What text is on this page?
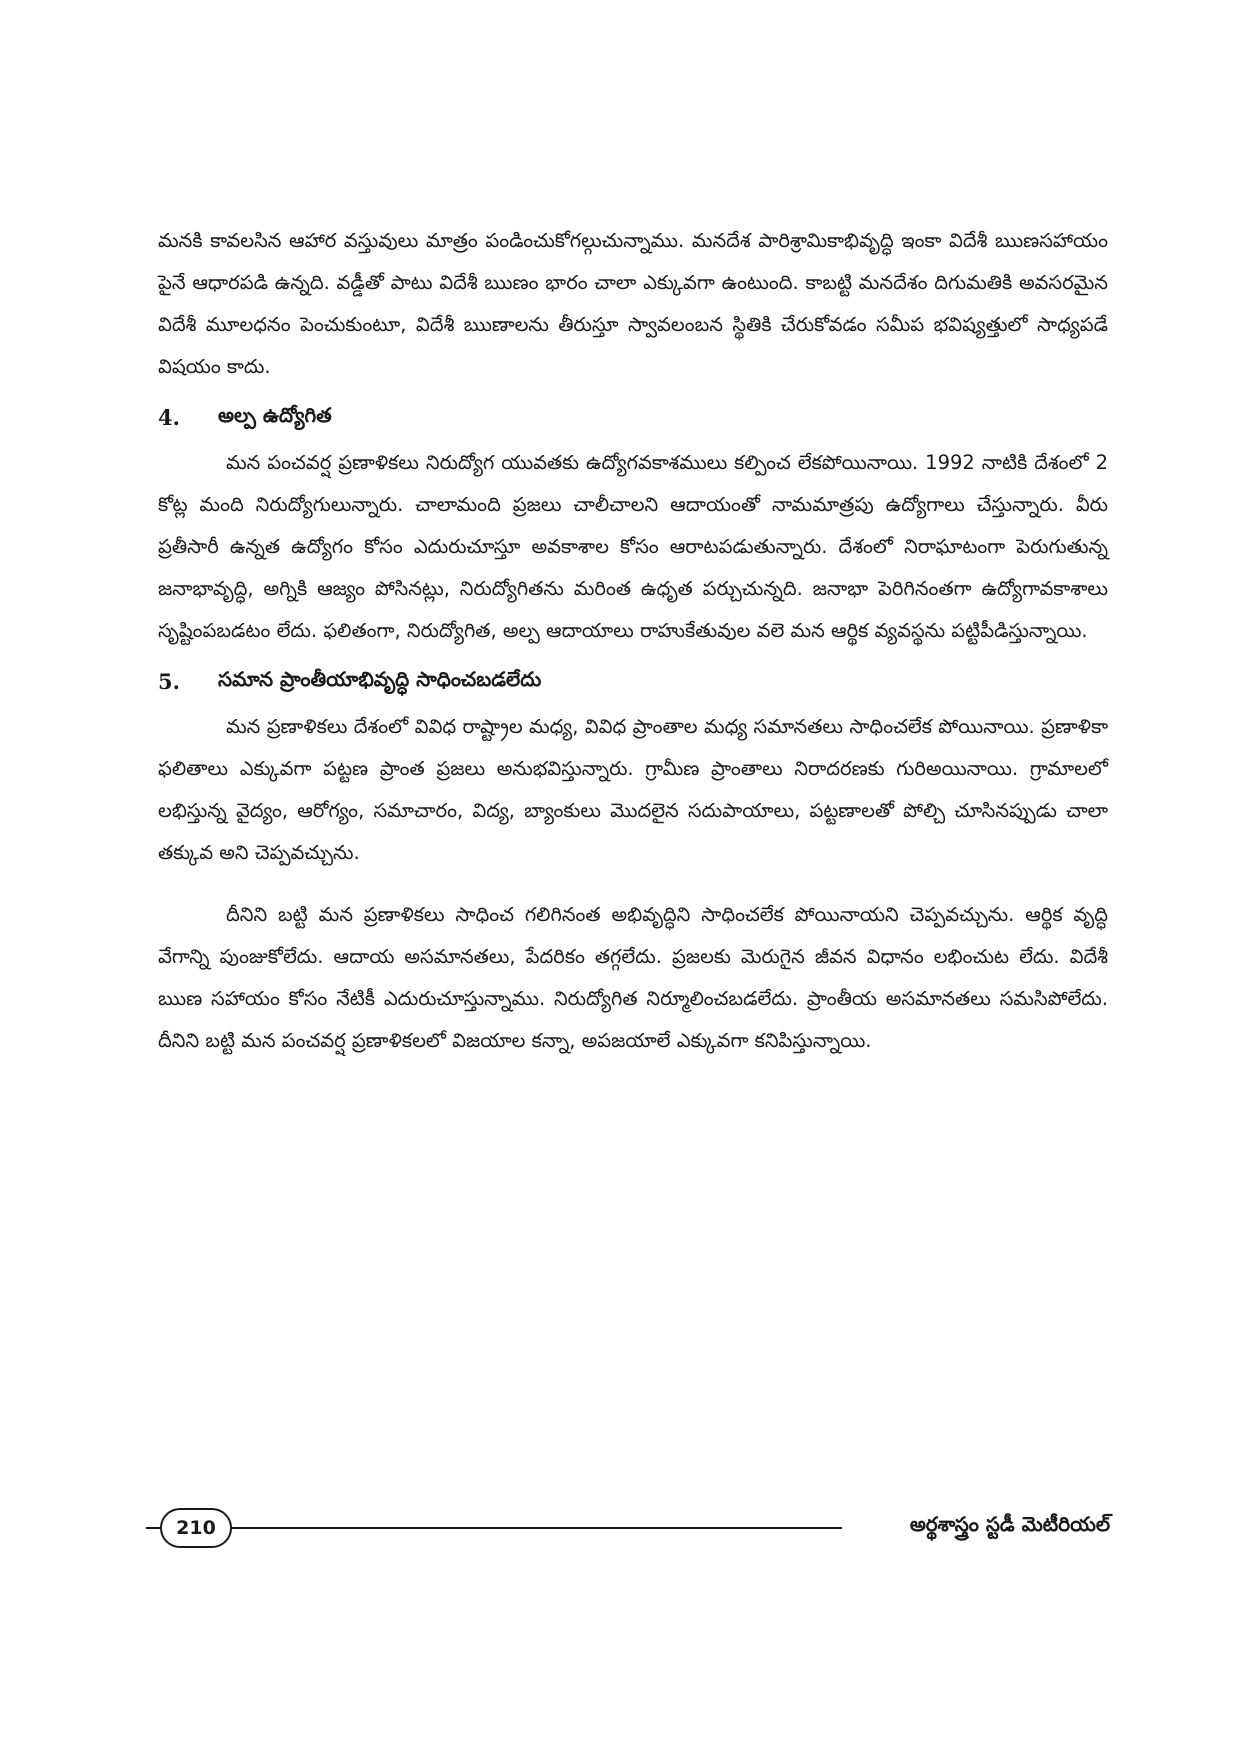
మనకి కావలసిన ఆహార వస్తువులు మాత్రం పండించుకోగల్గుచున్నాము. మనదేశ పారిశ్రామికాభివృద్ధి ఇంకా విదేశీ ఋణసహాయం పైనే ఆధారపడి ఉన్నది. వడ్డీతో పాటు విదేశీ ఋణం భారం చాలా ఎక్కువగా ఉంటుంది. కాబట్టి మనదేశం దిగుమతికి అవసరమైన విదేశీ మూలధనం పెంచుకుంటూ, విదేశీ ఋణాలను తీరుస్తూ స్వావలంబన స్థితికి చేరుకోవడం సమీప భవిష్యత్తులో సాధ్యపడే విషయం కాదు.

4.	అల్ప ఉద్యోగిత

మన పంచవర్ష ప్రణాళికలు నిరుద్యోగ యువతకు ఉద్యోగవకాశములు కల్పించ లేకపోయినాయి. 1992 నాటికి దేశంలో 2 కోట్ల మంది నిరుద్యోగులున్నారు. చాలామంది ప్రజలు చాలీచాలని ఆదాయంతో నామమాత్రపు ఉద్యోగాలు చేస్తున్నారు. వీరు ప్రతీసారీ ఉన్నత ఉద్యోగం కోసం ఎదురుచూస్తూ అవకాశాల కోసం ఆరాటపడుతున్నారు. దేశంలో నిరాఘాటంగా పెరుగుతున్న జనాభావృద్ధి, అగ్నికి ఆజ్యం పోసినట్లు, నిరుద్యోగితను మరింత ఉధృత పర్చుచున్నది. జనాభా పెరిగినంతగా ఉద్యోగావకాశాలు సృష్టింపబడటం లేదు. ఫలితంగా, నిరుద్యోగిత, అల్ప ఆదాయాలు రాహుకేతువుల వలె మన ఆర్థిక వ్యవస్థను పట్టిపీడిస్తున్నాయి.

5.	సమాన ప్రాంతీయాభివృద్ధి సాధించబడలేదు

మన ప్రణాళికలు దేశంలో వివిధ రాష్ట్రాల మధ్య, వివిధ ప్రాంతాల మధ్య సమానతలు సాధించలేక పోయినాయి. ప్రణాళికా ఫలితాలు ఎక్కువగా పట్టణ ప్రాంత ప్రజలు అనుభవిస్తున్నారు. గ్రామీణ ప్రాంతాలు నిరాదరణకు గురిఅయినాయి. గ్రామాలలో లభిస్తున్న వైద్యం, ఆరోగ్యం, సమాచారం, విద్య, బ్యాంకులు మొదలైన సదుపాయాలు, పట్టణాలతో పోల్చి చూసినప్పుడు చాలా తక్కువ అని చెప్పవచ్చును.

దీనిని బట్టి మన ప్రణాళికలు సాధించ గలిగినంత అభివృద్ధిని సాధించలేక పోయినాయని చెప్పవచ్చును. ఆర్థిక వృద్ధి వేగాన్ని పుంజుకోలేదు. ఆదాయ అసమానతలు, పేదరికం తగ్గలేదు. ప్రజలకు మెరుగైన జీవన విధానం లభించుట లేదు. విదేశీ ఋణ సహాయం కోసం నేటికీ ఎదురుచూస్తున్నాము. నిరుద్యోగిత నిర్మూలించబడలేదు. ప్రాంతీయ అసమానతలు సమసిపోలేదు. దీనిని బట్టి మన పంచవర్ష ప్రణాళికలలో విజయాల కన్నా, అపజయాలే ఎక్కువగా కనిపిస్తున్నాయి.

210	అర్థశాస్త్రం స్టడీ మెటీరియల్
